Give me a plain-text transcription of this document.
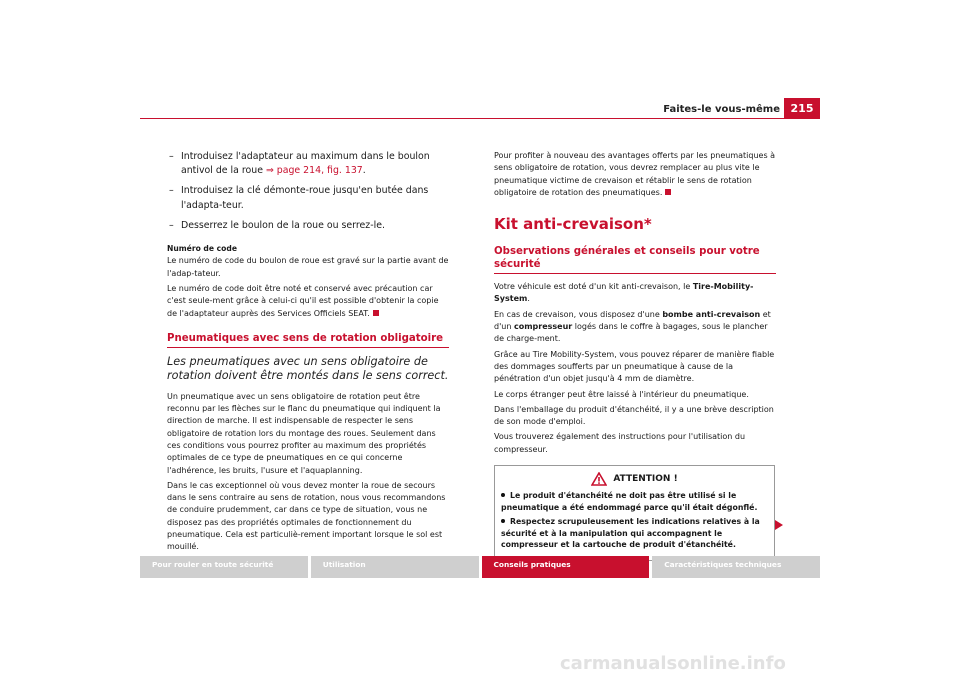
Faites-le vous-même 215
– Introduisez l'adaptateur au maximum dans le boulon antivol de la roue ⇒ page 214, fig. 137.
– Introduisez la clé démonte-roue jusqu'en butée dans l'adapta-teur.
– Desserrez le boulon de la roue ou serrez-le.
Numéro de code

Le numéro de code du boulon de roue est gravé sur la partie avant de l'adap-tateur.

Le numéro de code doit être noté et conservé avec précaution car c'est seule-ment grâce à celui-ci qu'il est possible d'obtenir la copie de l'adaptateur auprès des Services Officiels SEAT.

Pneumatiques avec sens de rotation obligatoire
Les pneumatiques avec un sens obligatoire de rotation doivent être montés dans le sens correct.

Un pneumatique avec un sens obligatoire de rotation peut être reconnu par les flèches sur le flanc du pneumatique qui indiquent la direction de marche. Il est indispensable de respecter le sens obligatoire de rotation lors du montage des roues. Seulement dans ces conditions vous pourrez profiter au maximum des propriétés optimales de ce type de pneumatiques en ce qui concerne l'adhérence, les bruits, l'usure et l'aquaplanning.

Dans le cas exceptionnel où vous devez monter la roue de secours dans le sens contraire au sens de rotation, nous vous recommandons de conduire prudemment, car dans ce type de situation, vous ne disposez pas des propriétés optimales de fonctionnement du pneumatique. Cela est particuliè-rement important lorsque le sol est mouillé.

Pour profiter à nouveau des avantages offerts par les pneumatiques à sens obligatoire de rotation, vous devrez remplacer au plus vite le pneumatique victime de crevaison et rétablir le sens de rotation obligatoire de rotation des pneumatiques.

Kit anti-crevaison*
Observations générales et conseils pour votre sécurité

Votre véhicule est doté d'un kit anti-crevaison, le Tire-Mobility-System.

En cas de crevaison, vous disposez d'une bombe anti-crevaison et d'un compresseur logés dans le coffre à bagages, sous le plancher de charge-ment.

Grâce au Tire Mobility-System, vous pouvez réparer de manière fiable des dommages soufferts par un pneumatique à cause de la pénétration d'un objet jusqu'à 4 mm de diamètre.

Le corps étranger peut être laissé à l'intérieur du pneumatique.

Dans l'emballage du produit d'étanchéité, il y a une brève description de son mode d'emploi.

Vous trouverez également des instructions pour l'utilisation du compresseur.

ATTENTION !
Le produit d'étanchéité ne doit pas être utilisé si le pneumatique a été endommagé parce qu'il était dégonflé.
Respectez scrupuleusement les indications relatives à la sécurité et à la manipulation qui accompagnent le compresseur et la cartouche de produit d'étanchéité.
Pour rouler en toute sécurité	Utilisation	Conseils pratiques	Caractéristiques techniques
carmanualsonline.info
